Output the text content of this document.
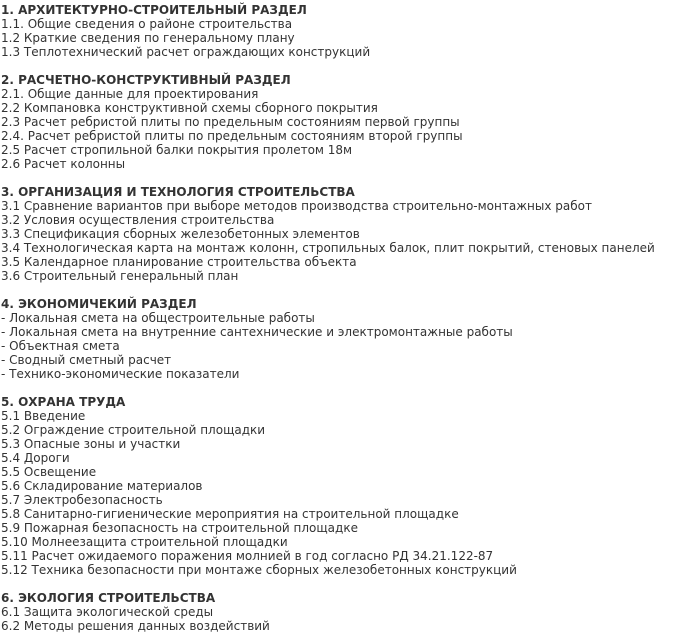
1. АРХИТЕКТУРНО-СТРОИТЕЛЬНЫЙ РАЗДЕЛ
1.1. Общие сведения о районе строительства
1.2 Краткие сведения по генеральному плану
1.3 Теплотехнический расчет ограждающих конструкций
2. РАСЧЕТНО-КОНСТРУКТИВНЫЙ РАЗДЕЛ
2.1. Общие данные для проектирования
2.2 Компановка конструктивной схемы сборного покрытия
2.3 Расчет ребристой плиты по предельным состояниям первой группы
2.4. Расчет ребристой плиты по предельным состояниям второй группы
2.5 Расчет стропильной балки покрытия пролетом 18м
2.6 Расчет колонны
3. ОРГАНИЗАЦИЯ И ТЕХНОЛОГИЯ СТРОИТЕЛЬСТВА
3.1 Сравнение вариантов при выборе методов производства строительно-монтажных работ
3.2 Условия осуществления строительства
3.3 Спецификация сборных железобетонных элементов
3.4 Технологическая карта на монтаж колонн, стропильных балок, плит покрытий, стеновых панелей
3.5 Календарное планирование строительства объекта
3.6 Строительный генеральный план
4. ЭКОНОМИЧЕКИЙ РАЗДЕЛ
- Локальная смета на общестроительные работы
- Локальная смета на внутренние сантехнические и электромонтажные работы
- Объектная смета
- Сводный сметный расчет
- Технико-экономические показатели
5. ОХРАНА ТРУДА
5.1 Введение
5.2 Ограждение строительной площадки
5.3 Опасные зоны и участки
5.4 Дороги
5.5 Освещение
5.6 Складирование материалов
5.7 Электробезопасность
5.8 Санитарно-гигиенические мероприятия на строительной площадке
5.9 Пожарная безопасность на строительной площадке
5.10 Молнеезащита строительной площадки
5.11 Расчет ожидаемого поражения молнией в год согласно РД 34.21.122-87
5.12 Техника безопасности при монтаже сборных железобетонных конструкций
6. ЭКОЛОГИЯ СТРОИТЕЛЬСТВА
6.1 Защита экологической среды
6.2 Методы решения данных воздействий
